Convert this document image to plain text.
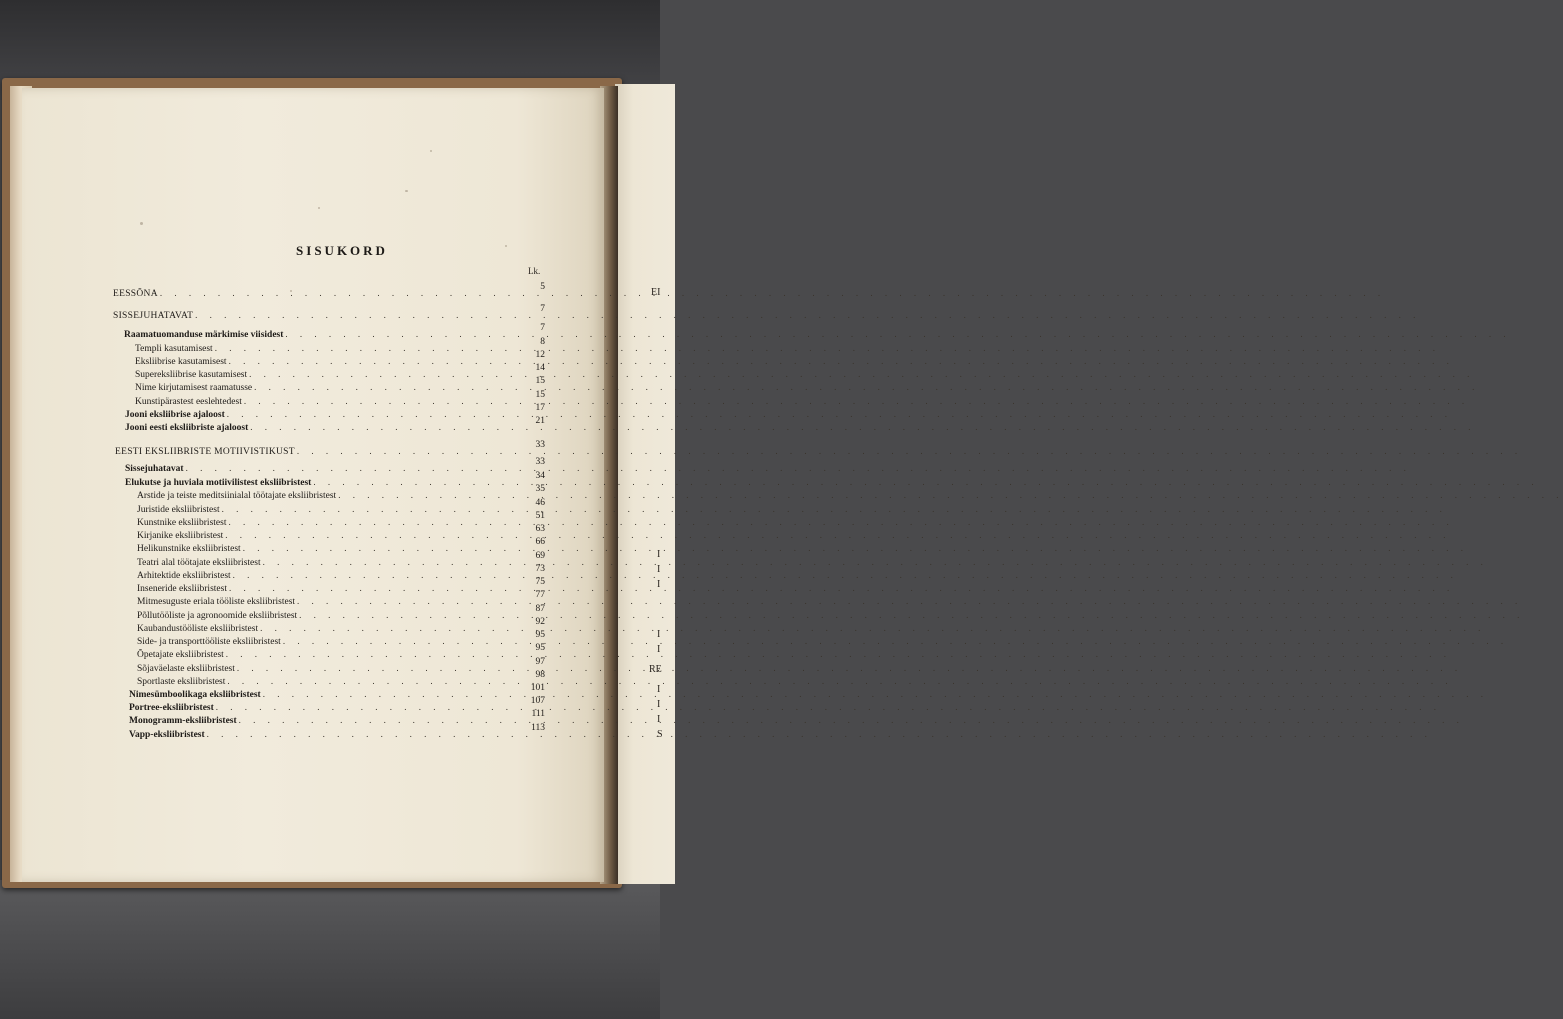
EI
I
I
I
I
I
RE
I
I
I
S
SISUKORD
Lk.
EESSÕNA
. . .
5
SISSEJUHATAVAT
. . .
7
Raamatuomanduse märkimise viisidest
. . .
7
Templi kasutamisest
. . .
8
Eksliibrise kasutamisest
. . .
12
Supereksliibrise kasutamisest
. . .
14
Nime kirjutamisest raamatusse
. . .
15
Kunstipärastest eeslehtedest
. . .
15
Jooni eksliibrise ajaloost
. . .
17
Jooni eesti eksliibriste ajaloost
. . .
21
EESTI EKSLIIBRISTE MOTIIVISTIKUST
. . .
33
Sissejuhatavat
. . .
33
Elukutse ja huviala motiivilistest eksliibristest
. . .
34
Arstide ja teiste meditsiinialal töötajate eksliibristest
. . .
35
Juristide eksliibristest
. . .
46
Kunstnike eksliibristest
. . .
51
Kirjanike eksliibristest
. . .
63
Helikunstnike eksliibristest
. . .
66
Teatri alal töötajate eksliibristest
. . .
69
Arhitektide eksliibristest
. . .
73
Inseneride eksliibristest
. . .
75
Mitmesuguste eriala tööliste eksliibristest
. . .
77
Põllutööliste ja agronoomide eksliibristest
. . .
87
Kaubandustööliste eksliibristest
. . .
92
Side- ja transporttööliste eksliibristest
. . .
95
Õpetajate eksliibristest
. . .
95
Sõjaväelaste eksliibristest
. . .
97
Sportlaste eksliibristest
. . .
98
Nimesümboolikaga eksliibristest
. . .
101
Portree-eksliibristest
. . .
107
Monogramm-eksliibristest
. . .
111
Vapp-eksliibristest
. . .
113
